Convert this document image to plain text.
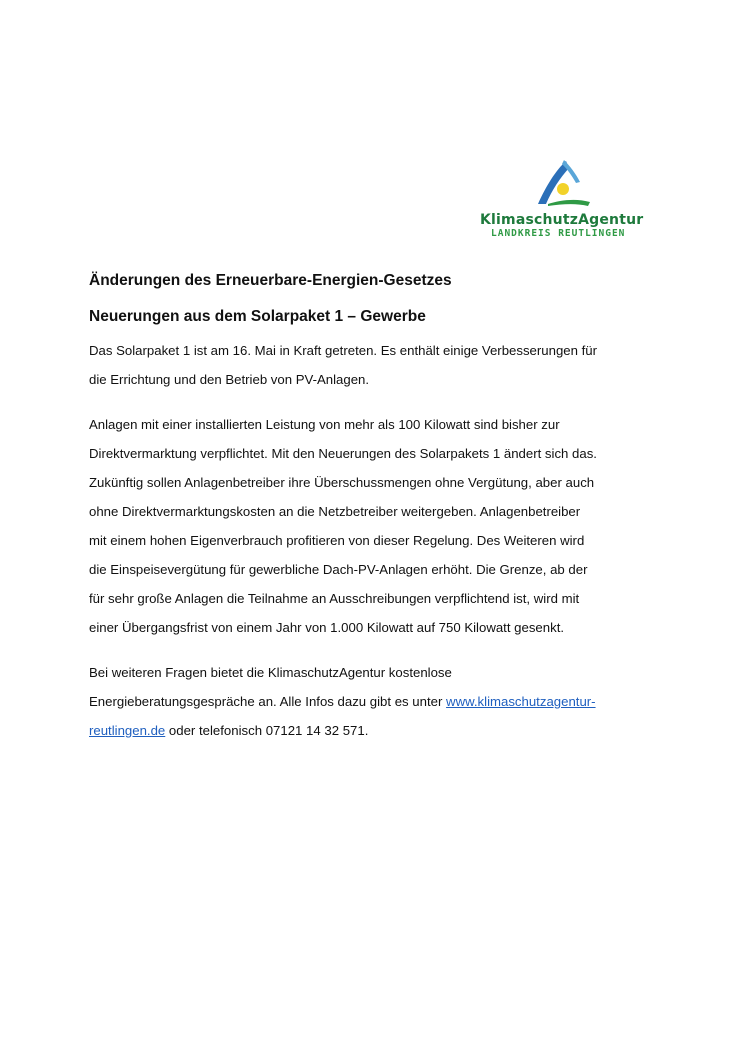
KlimaschutzAgentur
LANDKREIS REUTLINGEN
Änderungen des Erneuerbare-Energien-Gesetzes
Neuerungen aus dem Solarpaket 1 – Gewerbe

Das Solarpaket 1 ist am 16. Mai in Kraft getreten. Es enthält einige Verbesserungen für
die Errichtung und den Betrieb von PV-Anlagen.

Anlagen mit einer installierten Leistung von mehr als 100 Kilowatt sind bisher zur
Direktvermarktung verpflichtet. Mit den Neuerungen des Solarpakets 1 ändert sich das.
Zukünftig sollen Anlagenbetreiber ihre Überschussmengen ohne Vergütung, aber auch
ohne Direktvermarktungskosten an die Netzbetreiber weitergeben. Anlagenbetreiber
mit einem hohen Eigenverbrauch profitieren von dieser Regelung. Des Weiteren wird
die Einspeisevergütung für gewerbliche Dach-PV-Anlagen erhöht. Die Grenze, ab der
für sehr große Anlagen die Teilnahme an Ausschreibungen verpflichtend ist, wird mit
einer Übergangsfrist von einem Jahr von 1.000 Kilowatt auf 750 Kilowatt gesenkt.

Bei weiteren Fragen bietet die KlimaschutzAgentur kostenlose
Energieberatungsgespräche an. Alle Infos dazu gibt es unter www.klimaschutzagentur-
reutlingen.de oder telefonisch 07121 14 32 571.
